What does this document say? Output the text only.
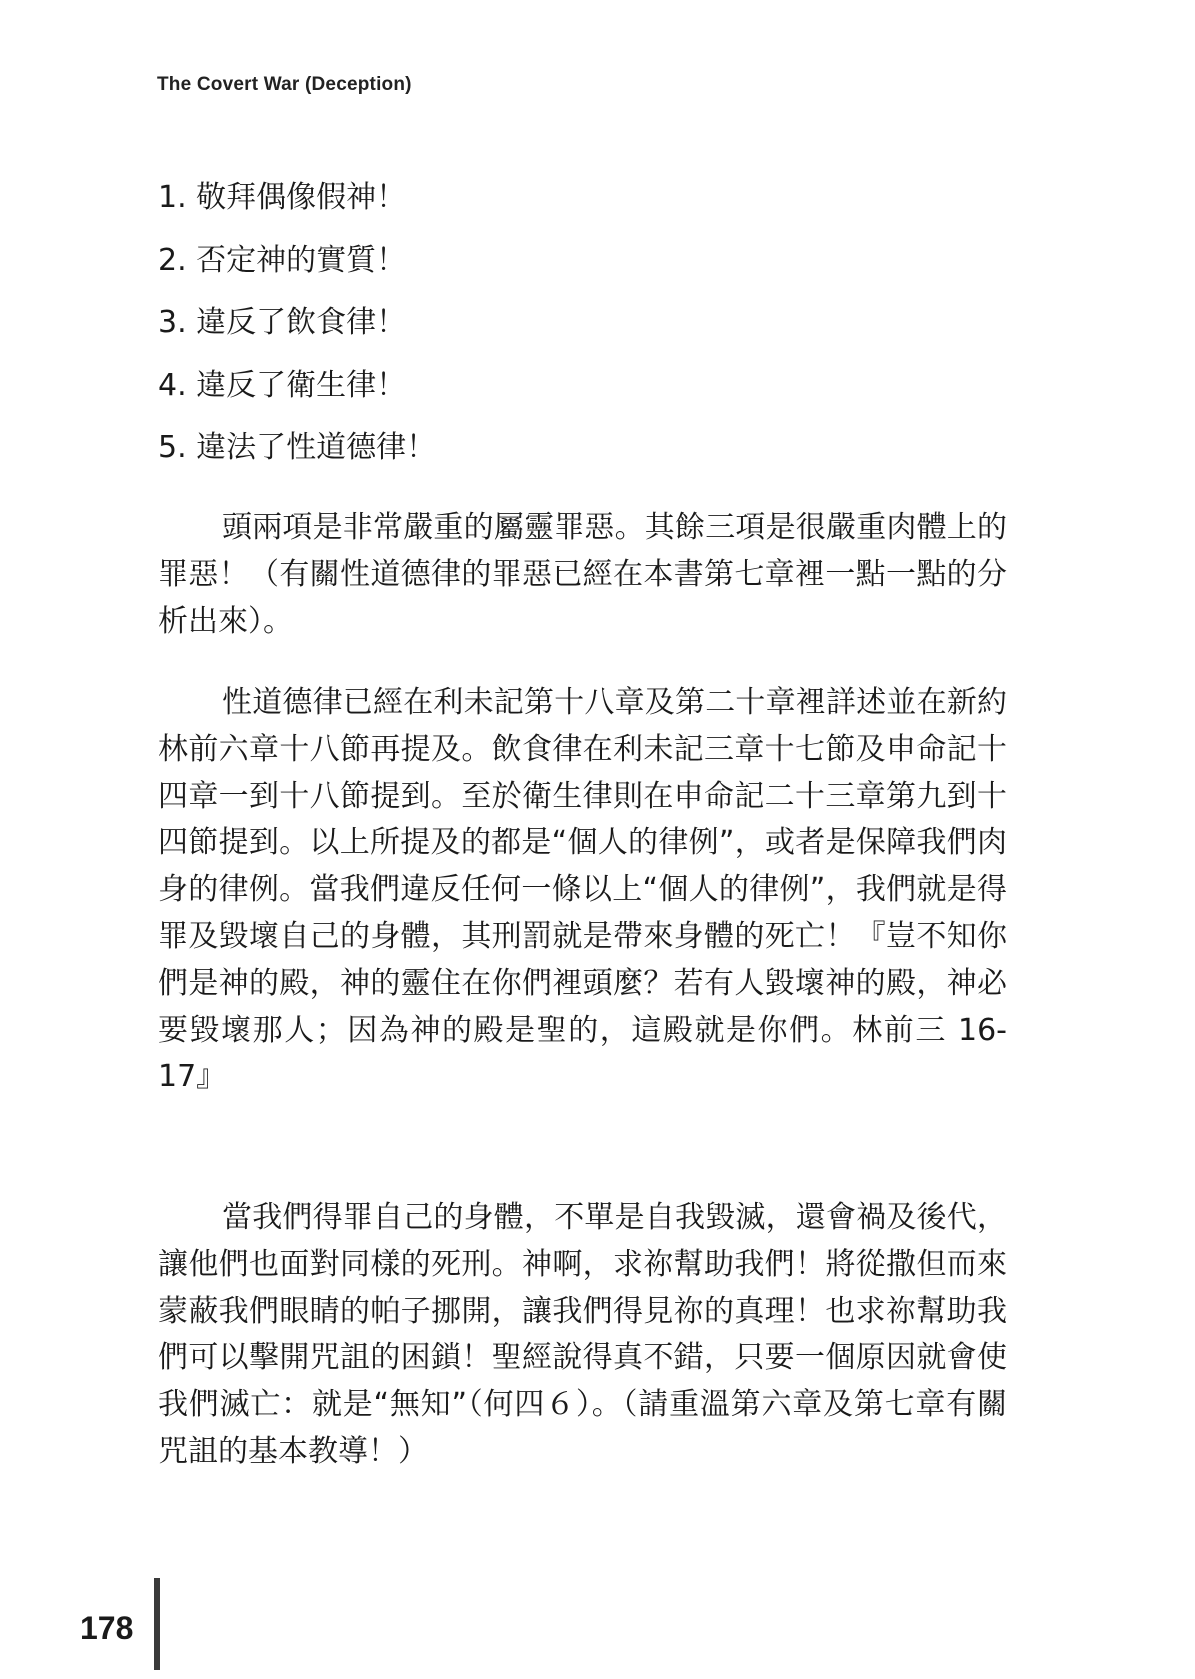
The Covert War (Deception)
1. 敬拜偶像假神！
2. 否定神的實質！
3. 違反了飲食律！
4. 違反了衛生律！
5. 違法了性道德律！

頭兩項是非常嚴重的屬靈罪惡。其餘三項是很嚴重肉體上的罪惡！（有關性道德律的罪惡已經在本書第七章裡一點一點的分析出來）。

性道德律已經在利未記第十八章及第二十章裡詳述並在新約林前六章十八節再提及。飲食律在利未記三章十七節及申命記十四章一到十八節提到。至於衛生律則在申命記二十三章第九到十四節提到。以上所提及的都是“個人的律例”，或者是保障我們肉身的律例。當我們違反任何一條以上“個人的律例”，我們就是得罪及毀壞自己的身體，其刑罰就是帶來身體的死亡！『豈不知你們是神的殿，神的靈住在你們裡頭麼？若有人毀壞神的殿，神必要毀壞那人；因為神的殿是聖的，這殿就是你們。林前三 16-17』

當我們得罪自己的身體，不單是自我毀滅，還會禍及後代，讓他們也面對同樣的死刑。神啊，求祢幫助我們！將從撒但而來蒙蔽我們眼睛的帕子挪開，讓我們得見祢的真理！也求祢幫助我們可以擊開咒詛的困鎖！聖經說得真不錯，只要一個原因就會使我們滅亡：就是“無知”（何四６）。（請重溫第六章及第七章有關咒詛的基本教導！）

178
